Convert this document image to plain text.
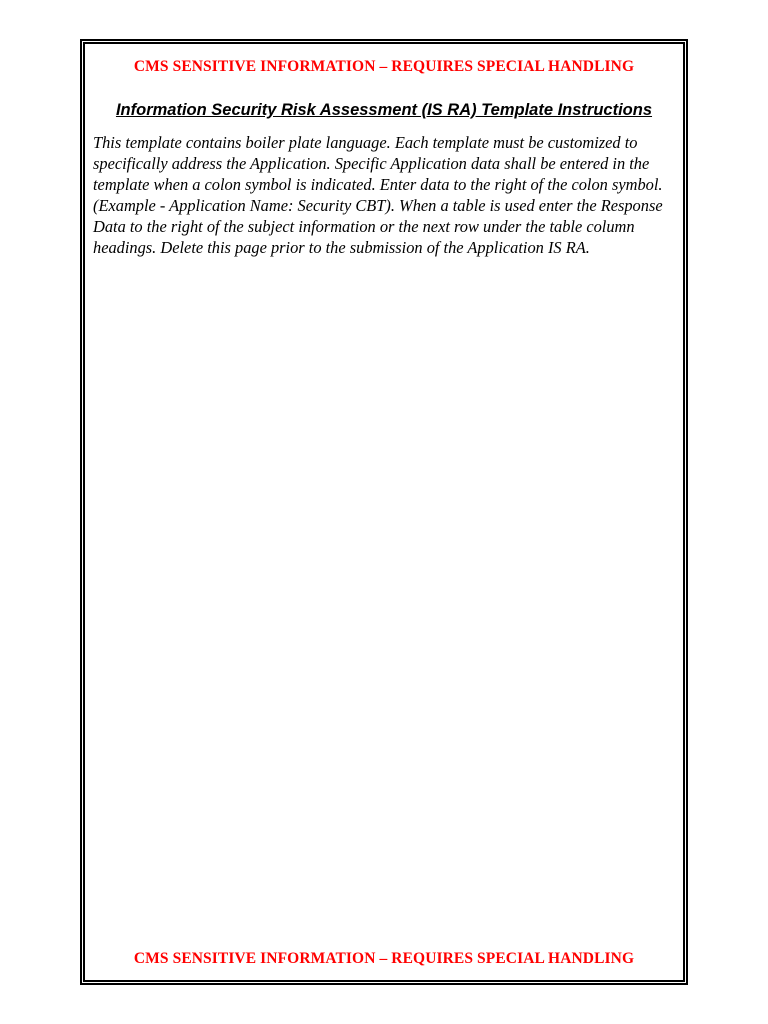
CMS SENSITIVE INFORMATION – REQUIRES SPECIAL HANDLING
Information Security Risk Assessment (IS RA) Template Instructions

This template contains boiler plate language. Each template must be customized to specifically address the Application. Specific Application data shall be entered in the template when a colon symbol is indicated. Enter data to the right of the colon symbol. (Example - Application Name: Security CBT). When a table is used enter the Response Data to the right of the subject information or the next row under the table column headings. Delete this page prior to the submission of the Application IS RA.

CMS SENSITIVE INFORMATION – REQUIRES SPECIAL HANDLING
